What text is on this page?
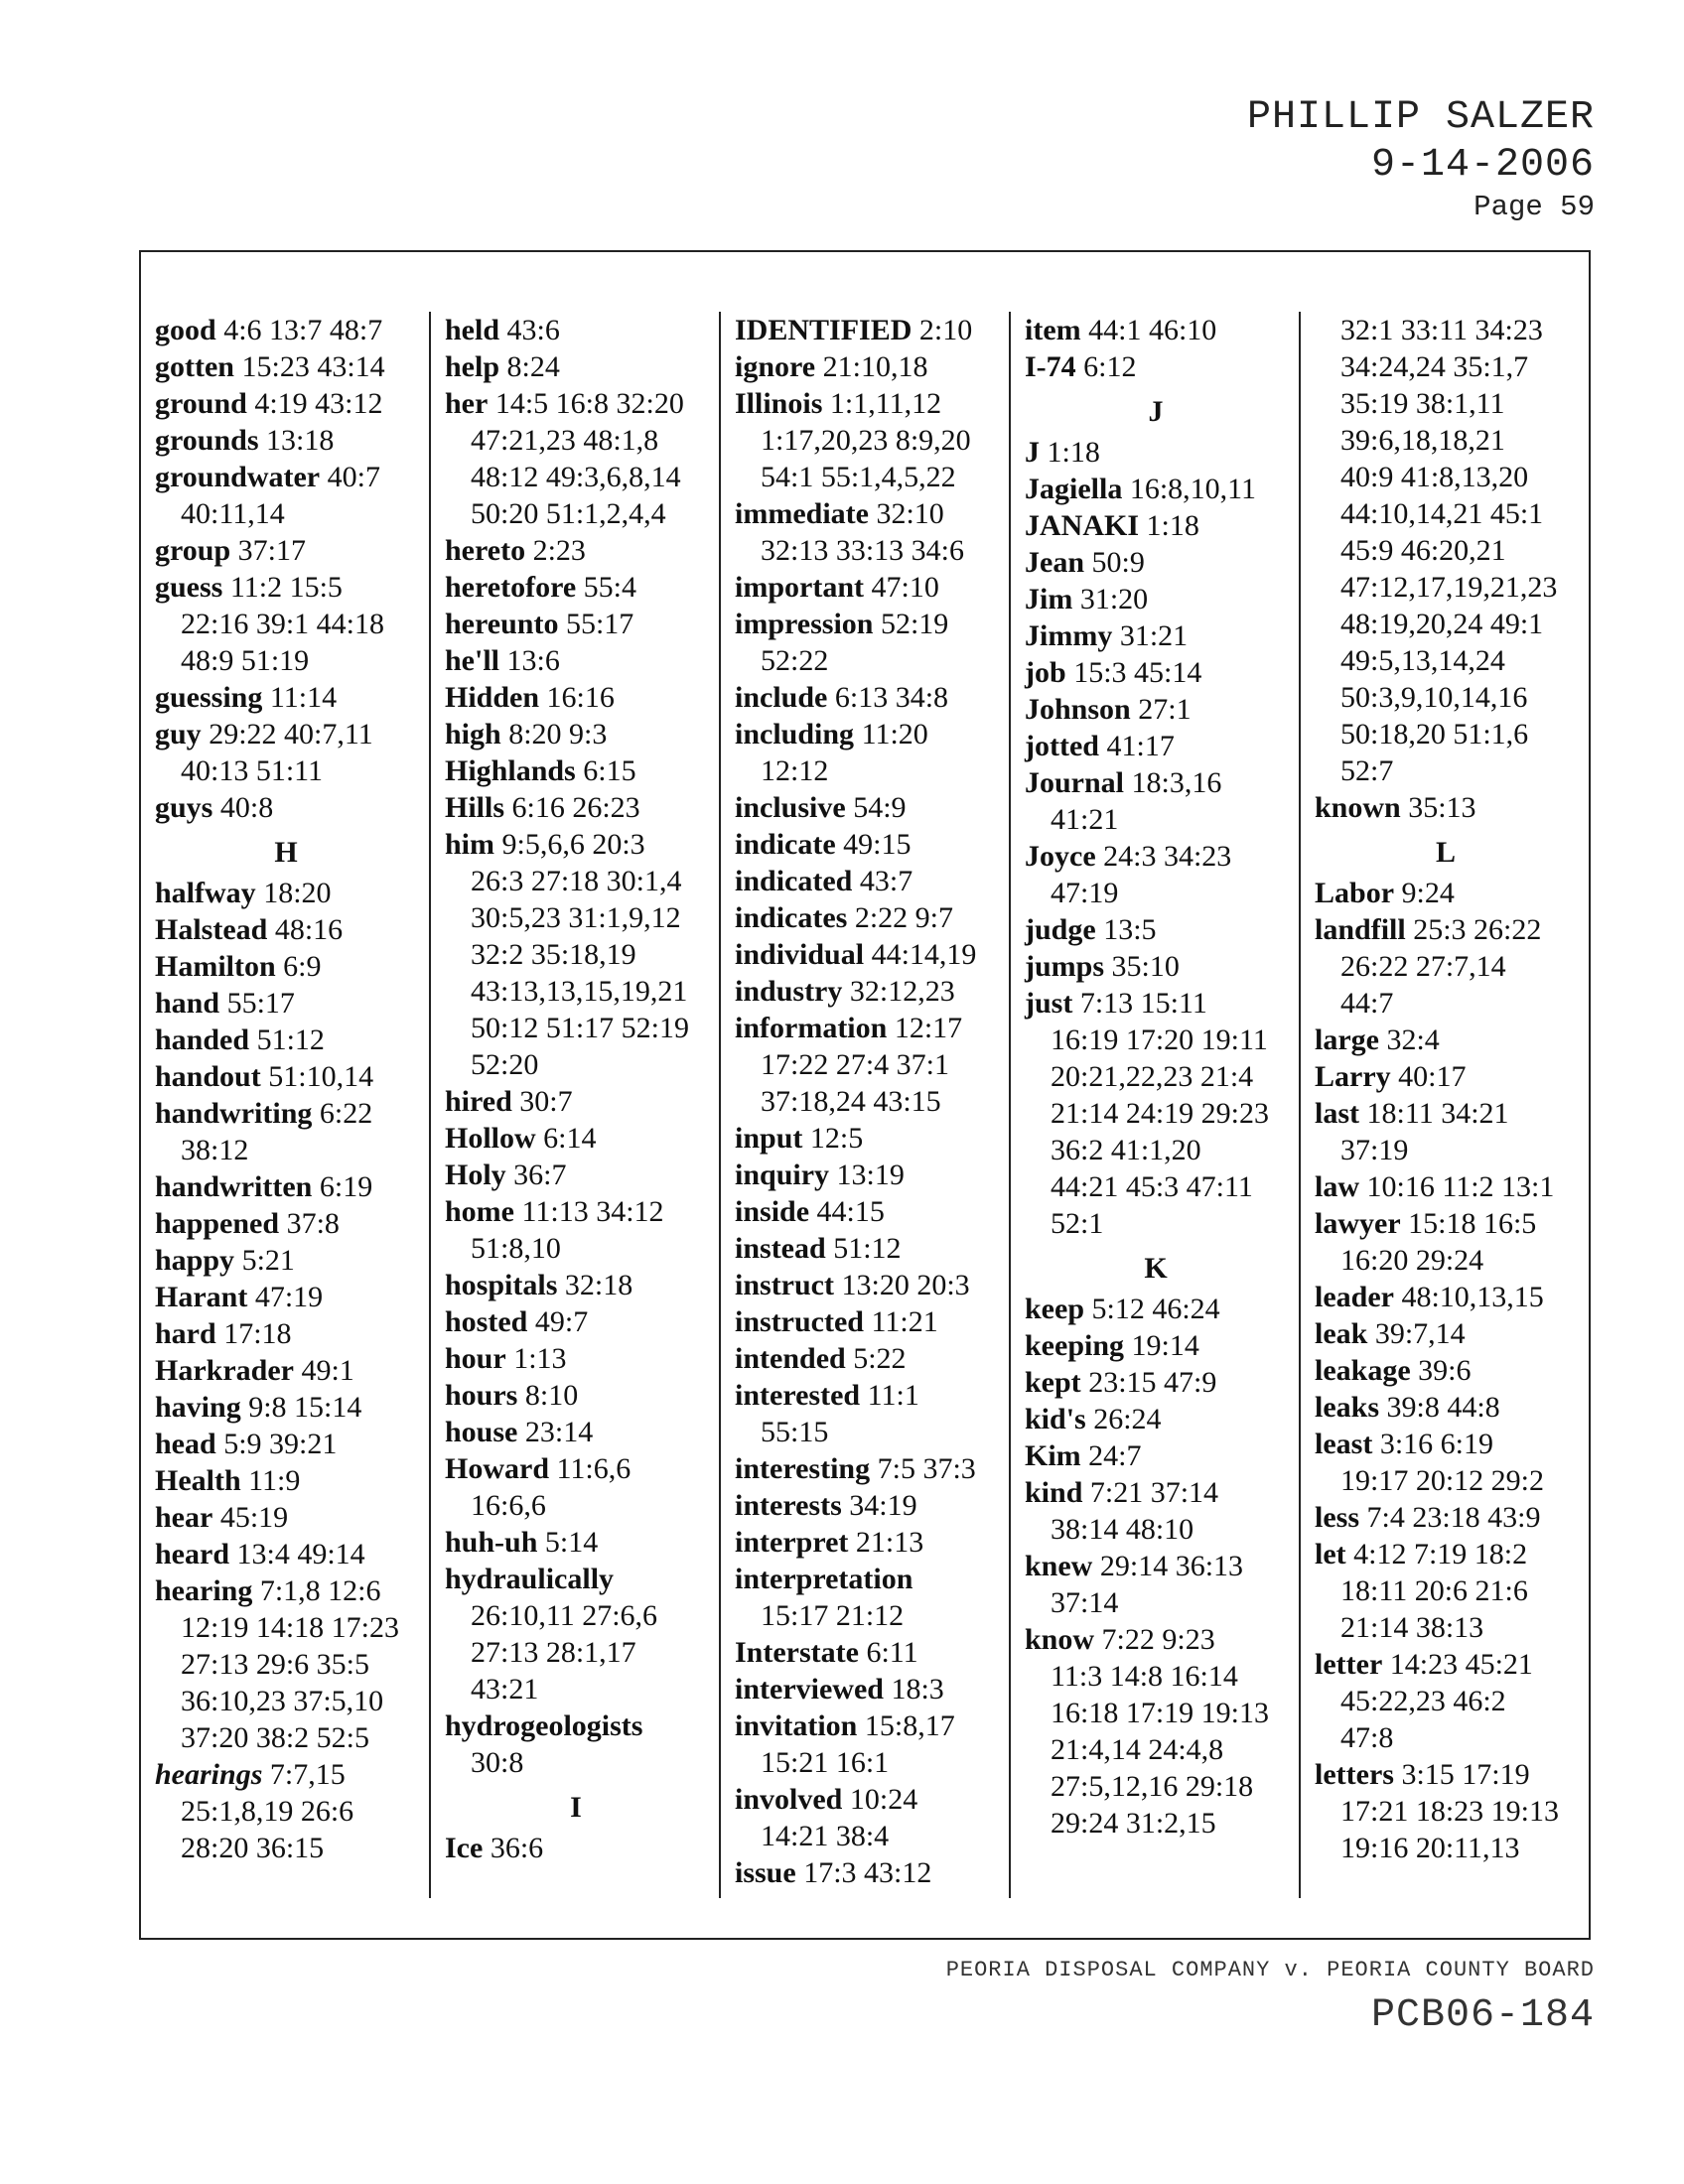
PHILLIP SALZER
9-14-2006
Page 59
good 4:6 13:7 48:7
gotten 15:23 43:14
ground 4:19 43:12
grounds 13:18
groundwater 40:7
40:11,14
group 37:17
guess 11:2 15:5
22:16 39:1 44:18
48:9 51:19
guessing 11:14
guy 29:22 40:7,11
40:13 51:11
guys 40:8
H
halfway 18:20
Halstead 48:16
Hamilton 6:9
hand 55:17
handed 51:12
handout 51:10,14
handwriting 6:22
38:12
handwritten 6:19
happened 37:8
happy 5:21
Harant 47:19
hard 17:18
Harkrader 49:1
having 9:8 15:14
head 5:9 39:21
Health 11:9
hear 45:19
heard 13:4 49:14
hearing 7:1,8 12:6
12:19 14:18 17:23
27:13 29:6 35:5
36:10,23 37:5,10
37:20 38:2 52:5
hearings 7:7,15
25:1,8,19 26:6
28:20 36:15
held 43:6
help 8:24
her 14:5 16:8 32:20
47:21,23 48:1,8
48:12 49:3,6,8,14
50:20 51:1,2,4,4
hereto 2:23
heretofore 55:4
hereunto 55:17
he'll 13:6
Hidden 16:16
high 8:20 9:3
Highlands 6:15
Hills 6:16 26:23
him 9:5,6,6 20:3
26:3 27:18 30:1,4
30:5,23 31:1,9,12
32:2 35:18,19
43:13,13,15,19,21
50:12 51:17 52:19
52:20
hired 30:7
Hollow 6:14
Holy 36:7
home 11:13 34:12
51:8,10
hospitals 32:18
hosted 49:7
hour 1:13
hours 8:10
house 23:14
Howard 11:6,6
16:6,6
huh-uh 5:14
hydraulically
26:10,11 27:6,6
27:13 28:1,17
43:21
hydrogeologists
30:8
I
Ice 36:6
IDENTIFIED 2:10
ignore 21:10,18
Illinois 1:1,11,12
1:17,20,23 8:9,20
54:1 55:1,4,5,22
immediate 32:10
32:13 33:13 34:6
important 47:10
impression 52:19
52:22
include 6:13 34:8
including 11:20
12:12
inclusive 54:9
indicate 49:15
indicated 43:7
indicates 2:22 9:7
individual 44:14,19
industry 32:12,23
information 12:17
17:22 27:4 37:1
37:18,24 43:15
input 12:5
inquiry 13:19
inside 44:15
instead 51:12
instruct 13:20 20:3
instructed 11:21
intended 5:22
interested 11:1
55:15
interesting 7:5 37:3
interests 34:19
interpret 21:13
interpretation
15:17 21:12
Interstate 6:11
interviewed 18:3
invitation 15:8,17
15:21 16:1
involved 10:24
14:21 38:4
issue 17:3 43:12
item 44:1 46:10
I-74 6:12
J
J 1:18
Jagiella 16:8,10,11
JANAKI 1:18
Jean 50:9
Jim 31:20
Jimmy 31:21
job 15:3 45:14
Johnson 27:1
jotted 41:17
Journal 18:3,16
41:21
Joyce 24:3 34:23
47:19
judge 13:5
jumps 35:10
just 7:13 15:11
16:19 17:20 19:11
20:21,22,23 21:4
21:14 24:19 29:23
36:2 41:1,20
44:21 45:3 47:11
52:1
K
keep 5:12 46:24
keeping 19:14
kept 23:15 47:9
kid's 26:24
Kim 24:7
kind 7:21 37:14
38:14 48:10
knew 29:14 36:13
37:14
know 7:22 9:23
11:3 14:8 16:14
16:18 17:19 19:13
21:4,14 24:4,8
27:5,12,16 29:18
29:24 31:2,15
32:1 33:11 34:23
34:24,24 35:1,7
35:19 38:1,11
39:6,18,18,21
40:9 41:8,13,20
44:10,14,21 45:1
45:9 46:20,21
47:12,17,19,21,23
48:19,20,24 49:1
49:5,13,14,24
50:3,9,10,14,16
50:18,20 51:1,6
52:7
known 35:13
L
Labor 9:24
landfill 25:3 26:22
26:22 27:7,14
44:7
large 32:4
Larry 40:17
last 18:11 34:21
37:19
law 10:16 11:2 13:1
lawyer 15:18 16:5
16:20 29:24
leader 48:10,13,15
leak 39:7,14
leakage 39:6
leaks 39:8 44:8
least 3:16 6:19
19:17 20:12 29:2
less 7:4 23:18 43:9
let 4:12 7:19 18:2
18:11 20:6 21:6
21:14 38:13
letter 14:23 45:21
45:22,23 46:2
47:8
letters 3:15 17:19
17:21 18:23 19:13
19:16 20:11,13
PEORIA DISPOSAL COMPANY v. PEORIA COUNTY BOARD
PCB06-184
